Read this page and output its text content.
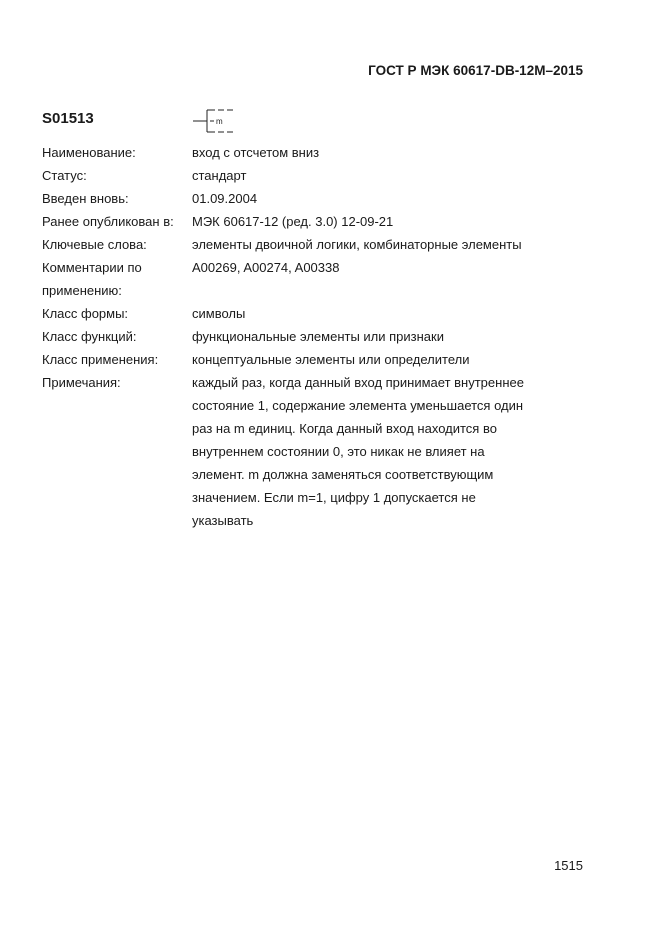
ГОСТ Р МЭК 60617-DB-12M–2015
S01513	m
Наименование:	вход с отсчетом вниз
Статус:	стандарт
Введен вновь:	01.09.2004
Ранее опубликован в:	МЭК 60617-12 (ред. 3.0) 12-09-21
Ключевые слова:	элементы двоичной логики, комбинаторные элементы
Комментарии по применению:
A00269, A00274, A00338
Класс формы:	символы
Класс функций:	функциональные элементы или признаки
Класс применения:	концептуальные элементы или определители
Примечания:	каждый раз, когда данный вход принимает внутреннее состояние 1, содержание элемента уменьшается один раз на m единиц. Когда данный вход находится во внутреннем состоянии 0, это никак не влияет на элемент. m должна заменяться соответствующим значением. Если m=1, цифру 1 допускается не указывать
1515
